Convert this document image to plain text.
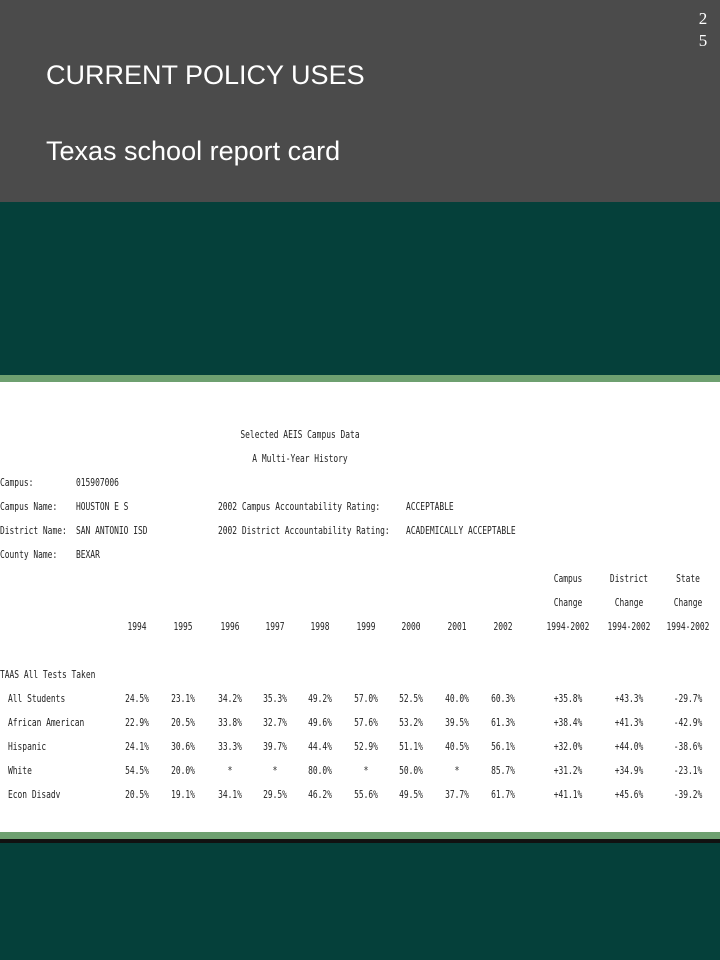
25
CURRENT POLICY USES
Texas school report card
Selected AEIS Campus Data
A Multi-Year History
Campus:	015907006
Campus Name: HOUSTON E S
District Name: SAN ANTONIO ISD
County Name: BEXAR
2002 Campus Accountability Rating: ACCEPTABLE
2002 District Accountability Rating: ACADEMICALLY ACCEPTABLE
Campus
Change
1994-2002
District
Change
1994-2002
State
Change
1994-2002
1994	1995	1996	1997	1998	1999	2000	2001	2002
TAAS All Tests Taken
All Students	24.5%	23.1%	34.2%	35.3%	49.2%	57.0%	52.5%	40.0%	60.3%	+35.8%	+43.3%	-29.7%
African American	22.9%	20.5%	33.8%	32.7%	49.6%	57.6%	53.2%	39.5%	61.3%	+38.4%	+41.3%	-42.9%
Hispanic	24.1%	30.6%	33.3%	39.7%	44.4%	52.9%	51.1%	40.5%	56.1%	+32.0%	+44.0%	-38.6%
White	54.5%	20.0%	*	*	80.0%	*	50.0%	*	85.7%	+31.2%	+34.9%	-23.1%
Econ Disadv	20.5%	19.1%	34.1%	29.5%	46.2%	55.6%	49.5%	37.7%	61.7%	+41.1%	+45.6%	-39.2%
